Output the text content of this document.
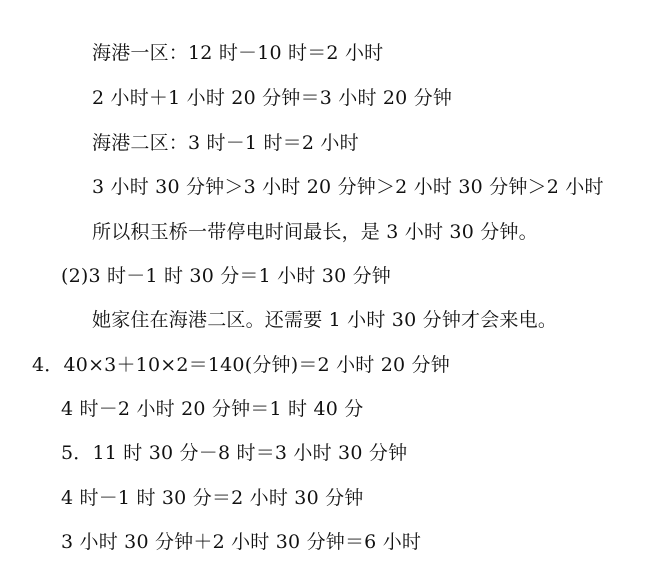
海港一区：12 时－10 时＝2 小时
2 小时＋1 小时 20 分钟＝3 小时 20 分钟
海港二区：3 时－1 时＝2 小时
3 小时 30 分钟＞3 小时 20 分钟＞2 小时 30 分钟＞2 小时
所以积玉桥一带停电时间最长，是 3 小时 30 分钟。
(2)3 时－1 时 30 分＝1 小时 30 分钟
她家住在海港二区。还需要 1 小时 30 分钟才会来电。
4．40×3＋10×2＝140(分钟)＝2 小时 20 分钟
4 时－2 小时 20 分钟＝1 时 40 分
5．11 时 30 分－8 时＝3 小时 30 分钟
4 时－1 时 30 分＝2 小时 30 分钟
3 小时 30 分钟＋2 小时 30 分钟＝6 小时
